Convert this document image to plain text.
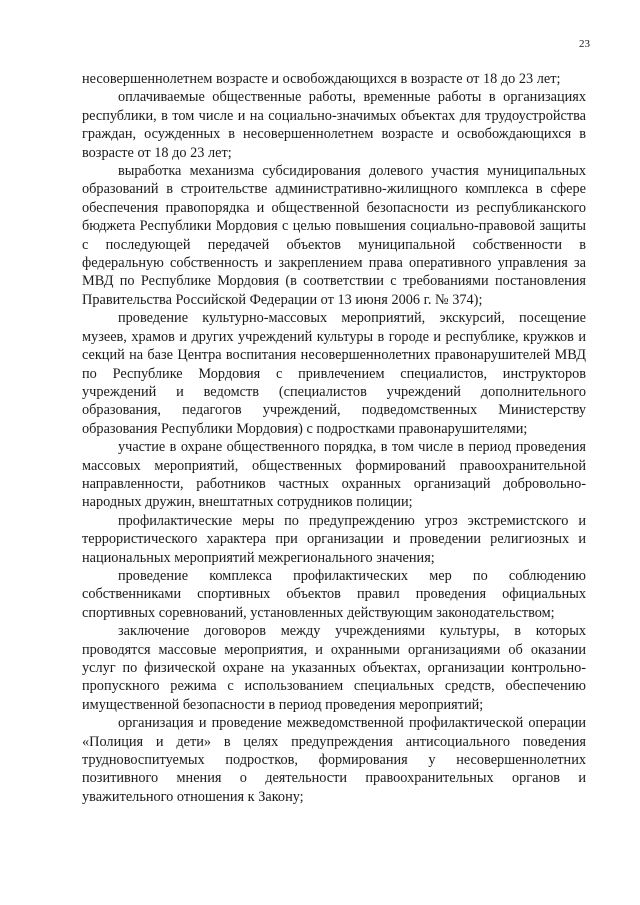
23

несовершеннолетнем возрасте и освобождающихся в возрасте от 18 до 23 лет;

оплачиваемые общественные работы, временные работы в организациях республики, в том числе и на социально-значимых объектах для трудоустройства граждан, осужденных в несовершеннолетнем возрасте и освобождающихся в возрасте от 18 до 23 лет;

выработка механизма субсидирования долевого участия муниципальных образований в строительстве административно-жилищного комплекса в сфере обеспечения правопорядка и общественной безопасности из республиканского бюджета Республики Мордовия с целью повышения социально-правовой защиты с последующей передачей объектов муниципальной собственности в федеральную собственность и закреплением права оперативного управления за МВД по Республике Мордовия (в соответствии с требованиями постановления Правительства Российской Федерации от 13 июня 2006 г. № 374);

проведение культурно-массовых мероприятий, экскурсий, посещение музеев, храмов и других учреждений культуры в городе и республике, кружков и секций на базе Центра воспитания несовершеннолетних правонарушителей МВД по Республике Мордовия с привлечением специалистов, инструкторов учреждений и ведомств (специалистов учреждений дополнительного образования, педагогов учреждений, подведомственных Министерству образования Республики Мордовия) с подростками правонарушителями;

участие в охране общественного порядка, в том числе в период проведения массовых мероприятий, общественных формирований правоохранительной направленности, работников частных охранных организаций добровольно-народных дружин, внештатных сотрудников полиции;

профилактические меры по предупреждению угроз экстремистского и террористического характера при организации и проведении религиозных и национальных мероприятий межрегионального значения;

проведение комплекса профилактических мер по соблюдению собственниками спортивных объектов правил проведения официальных спортивных соревнований, установленных действующим законодательством;

заключение договоров между учреждениями культуры, в которых проводятся массовые мероприятия, и охранными организациями об оказании услуг по физической охране на указанных объектах, организации контрольно-пропускного режима с использованием специальных средств, обеспечению имущественной безопасности в период проведения мероприятий;

организация и проведение межведомственной профилактической операции «Полиция и дети» в целях предупреждения антисоциального поведения трудновоспитуемых подростков, формирования у несовершеннолетних позитивного мнения о деятельности правоохранительных органов и уважительного отношения к Закону;
